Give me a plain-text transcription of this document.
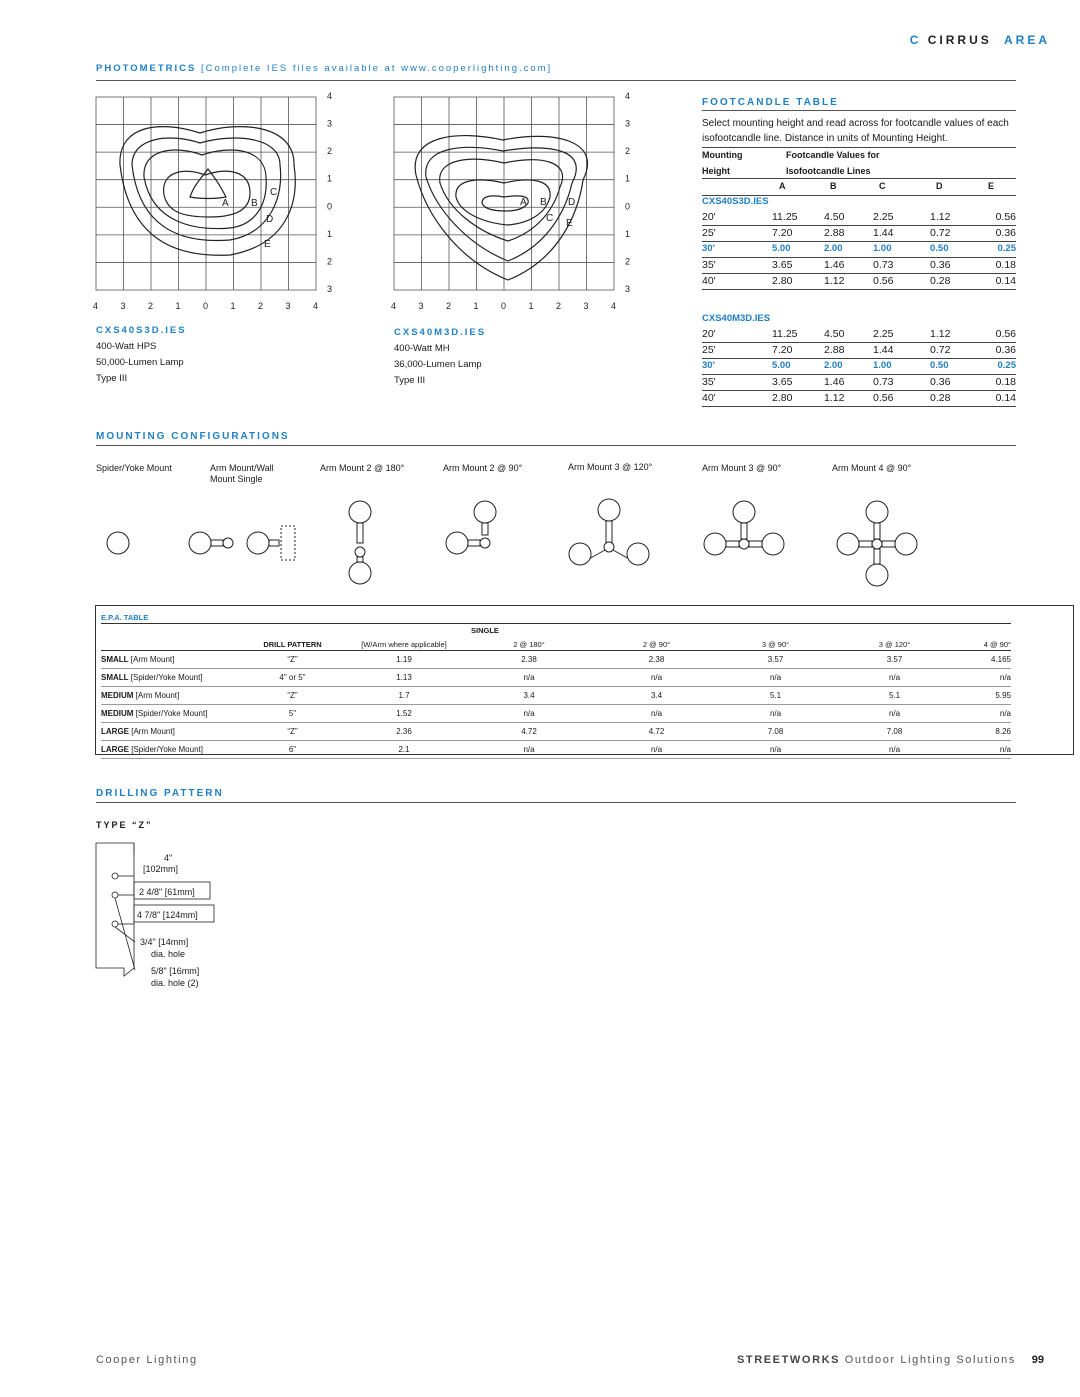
C CIRRUS AREA
PHOTOMETRICS [Complete IES files available at www.cooperlighting.com]
A B
C
D
E
4
3
2
1
0
1
2
3
4 3 2 1 0 1 2 3 4
A B
C
D
E
4
3
2
1
0
1
2
3
4 3 2 1 0 1 2 3 4
CXS40S3D.IES
400-Watt HPS
50,000-Lumen Lamp
Type III
CXS40M3D.IES
400-Watt MH
36,000-Lumen Lamp
Type III
FOOTCANDLE TABLE
Select mounting height and read across for footcandle values of each isofootcandle line. Distance in units of Mounting Height.
Mounting	Footcandle Values for
Height	Isofootcandle Lines
A	B	C	D	E
CXS40S3D.IES
20'	11.25	4.50	2.25	1.12	0.56
25'	7.20	2.88	1.44	0.72	0.36
30'	5.00	2.00	1.00	0.50	0.25
35'	3.65	1.46	0.73	0.36	0.18
40'	2.80	1.12	0.56	0.28	0.14
CXS40M3D.IES
20'	11.25	4.50	2.25	1.12	0.56
25'	7.20	2.88	1.44	0.72	0.36
30'	5.00	2.00	1.00	0.50	0.25
35'	3.65	1.46	0.73	0.36	0.18
40'	2.80	1.12	0.56	0.28	0.14
MOUNTING CONFIGURATIONS
Spider/Yoke Mount	Arm Mount/Wall
Mount Single
Arm Mount 2 @ 180°	Arm Mount 2 @ 90°	Arm Mount 3 @ 120°	Arm Mount 3 @ 90°	Arm Mount 4 @ 90°
E.P.A. TABLE
SINGLE
	DRILL PATTERN	[W/Arm where applicable]	2 @ 180°	2 @ 90°	3 @ 90°	3 @ 120°	4 @ 90°
SMALL [Arm Mount]	“Z”	1.19	2.38	2.38	3.57	3.57	4.165
SMALL [Spider/Yoke Mount]	4" or 5"	1.13	n/a	n/a	n/a	n/a	n/a
MEDIUM [Arm Mount]	“Z”	1.7	3.4	3.4	5.1	5.1	5.95
MEDIUM [Spider/Yoke Mount]	5"	1.52	n/a	n/a	n/a	n/a	n/a
LARGE [Arm Mount]	“Z”	2.36	4.72	4.72	7.08	7.08	8.26
LARGE [Spider/Yoke Mount]	6"	2.1	n/a	n/a	n/a	n/a	n/a
DRILLING PATTERN
TYPE “Z”
4"
[102mm]
2 4/8" [61mm]
4 7/8" [124mm]
3/4" [14mm]
dia. hole
5/8" [16mm]
dia. hole (2)
Cooper Lighting	STREETWORKS Outdoor Lighting Solutions 99
